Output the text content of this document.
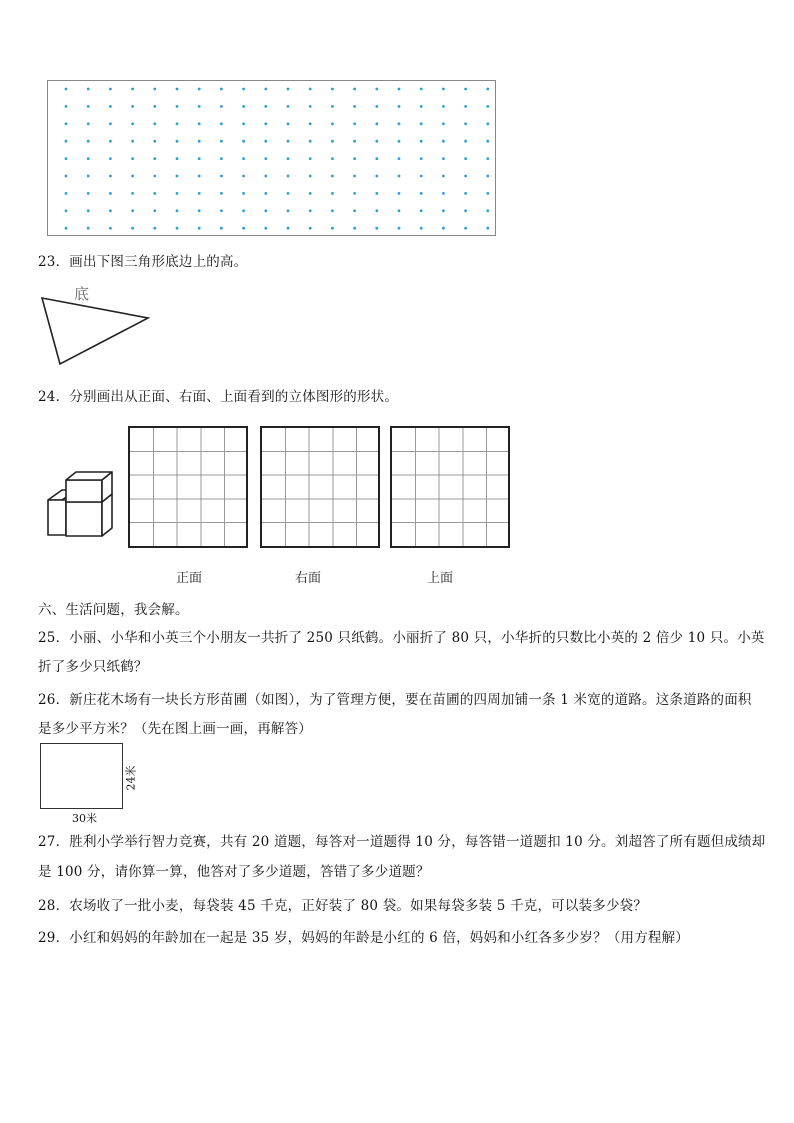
23．画出下图三角形底边上的高。
底
24．分别画出从正面、右面、上面看到的立体图形的形状。
正面	右面	上面
六、生活问题，我会解。
25．小丽、小华和小英三个小朋友一共折了 250 只纸鹤。小丽折了 80 只，小华折的只数比小英的 2 倍少 10 只。小英
折了多少只纸鹤？
26．新庄花木场有一块长方形苗圃（如图），为了管理方便，要在苗圃的四周加铺一条 1 米宽的道路。这条道路的面积
是多少平方米？（先在图上画一画，再解答）
30米
24米
27．胜利小学举行智力竞赛，共有 20 道题，每答对一道题得 10 分，每答错一道题扣 10 分。刘超答了所有题但成绩却
是 100 分，请你算一算，他答对了多少道题，答错了多少道题？
28．农场收了一批小麦，每袋装 45 千克，正好装了 80 袋。如果每袋多装 5 千克，可以装多少袋？
29．小红和妈妈的年龄加在一起是 35 岁，妈妈的年龄是小红的 6 倍，妈妈和小红各多少岁？（用方程解）
